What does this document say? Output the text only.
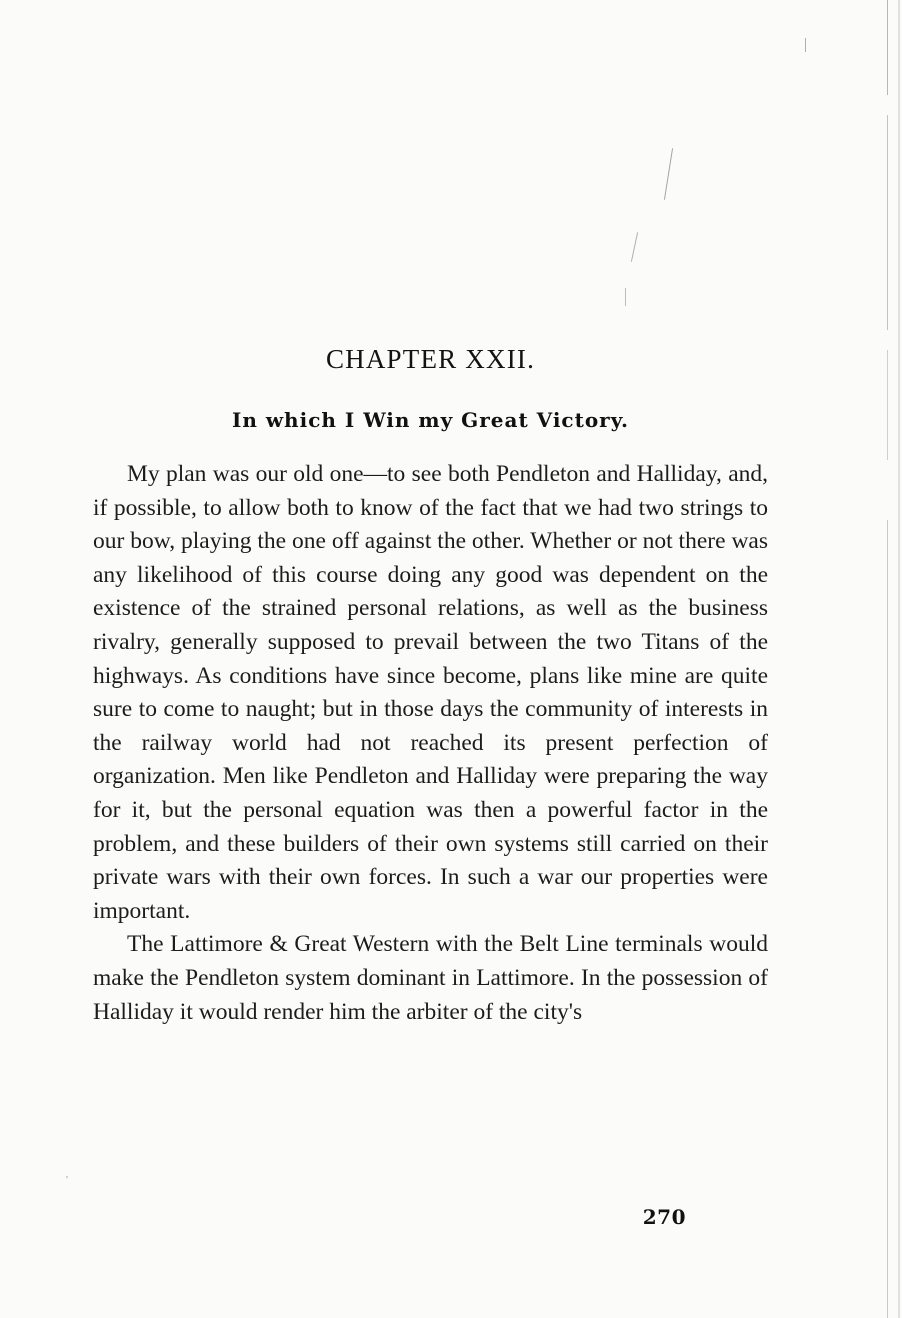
'
CHAPTER XXII.
In which I Win my Great Victory.

My plan was our old one—to see both Pendleton and Halliday, and, if possible, to allow both to know of the fact that we had two strings to our bow, playing the one off against the other. Whether or not there was any likelihood of this course doing any good was dependent on the existence of the strained personal relations, as well as the business rivalry, generally supposed to prevail between the two Titans of the highways. As conditions have since become, plans like mine are quite sure to come to naught; but in those days the community of interests in the railway world had not reached its present perfection of organization. Men like Pendleton and Halliday were preparing the way for it, but the personal equation was then a powerful factor in the problem, and these builders of their own systems still carried on their private wars with their own forces. In such a war our properties were important.

The Lattimore & Great Western with the Belt Line terminals would make the Pendleton system dominant in Lattimore. In the possession of Halliday it would render him the arbiter of the city's

270
